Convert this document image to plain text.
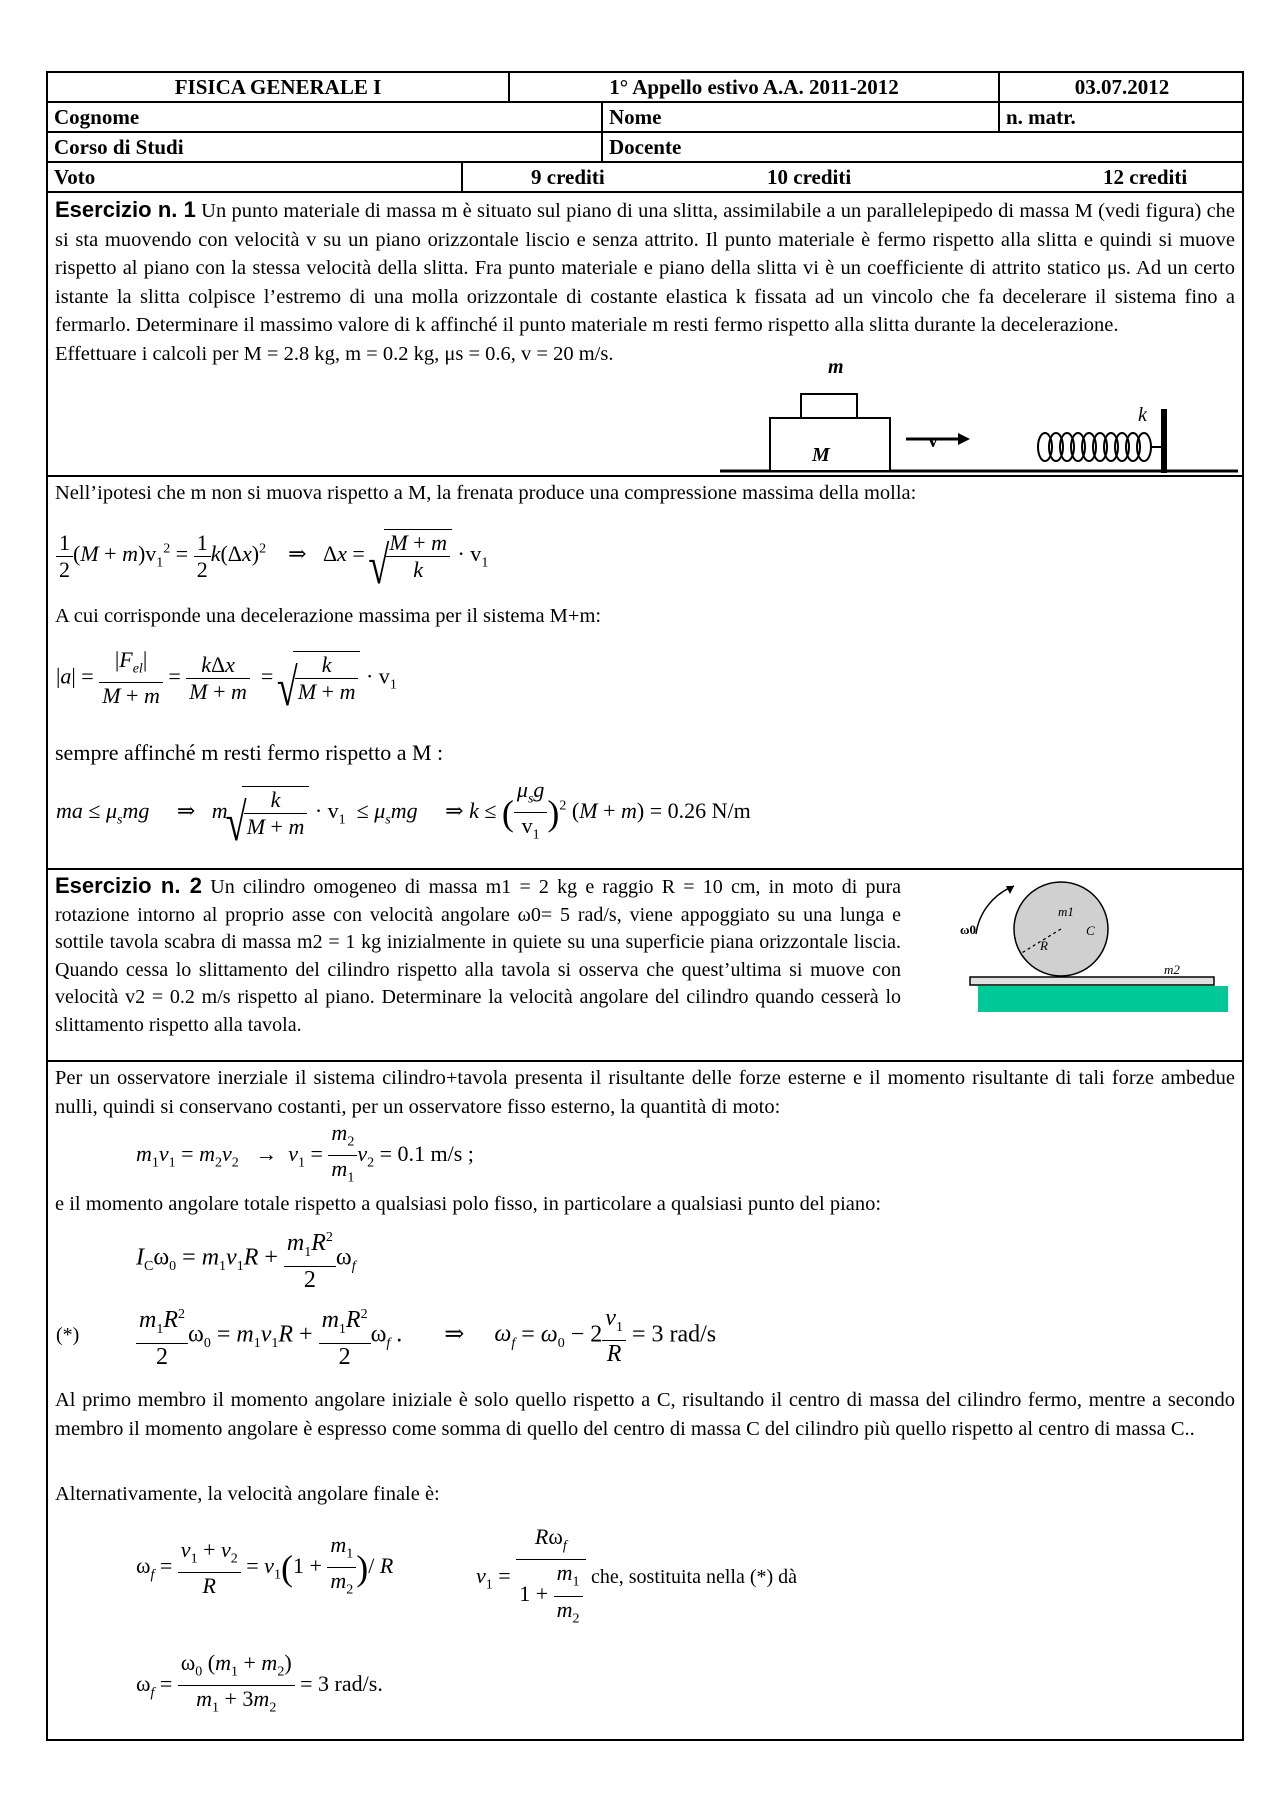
FISICA GENERALE I	1° Appello estivo A.A. 2011-2012	03.07.2012
Cognome	Nome	n. matr.
Corso di Studi	Docente
Voto	9 crediti	10 crediti	12 crediti
Esercizio n. 1 Un punto materiale di massa m è situato sul piano di una slitta, assimilabile a un parallelepipedo di massa M (vedi figura) che si sta muovendo con velocità v su un piano orizzontale liscio e senza attrito. Il punto materiale è fermo rispetto alla slitta e quindi si muove rispetto al piano con la stessa velocità della slitta. Fra punto materiale e piano della slitta vi è un coefficiente di attrito statico μs. Ad un certo istante la slitta colpisce l’estremo di una molla orizzontale di costante elastica k fissata ad un vincolo che fa decelerare il sistema fino a fermarlo. Determinare il massimo valore di k affinché il punto materiale m resti fermo rispetto alla slitta durante la decelerazione.
Effettuare i calcoli per M = 2.8 kg, m = 0.2 kg, μs = 0.6, v = 20 m/s.
m
M
v
k
Nell’ipotesi che m non si muova rispetto a M, la frenata produce una compressione massima della molla:
$\frac{1}{2} (M + m)v_1^2 = \frac{1}{2} k(\Delta x)^2$    ⇒   Δx = √ $\frac{M + m}{k} \cdot v_1$
A cui corrisponde una decelerazione massima per il sistema M+m:
$|a| = \frac{|F_{el}|}{M + m} = \frac{\text{kΔx}}{M + m}$ = √ $\frac{k}{M + m} \cdot v_1$
sempre affinché m resti fermo rispetto a M :
ma ≤ $\mu_smg$     ⇒   m √ $\frac{k}{M + m} \cdot v_1 \le \mu_smg$     ⇒ k ≤ ( $\frac{\mu_sg}{v_1} )^2$ (M + m) = 0.26 N/m
Esercizio n. 2 Un cilindro omogeneo di massa m1 = 2 kg e raggio R = 10 cm, in moto di pura rotazione intorno al proprio asse con velocità angolare ω0= 5 rad/s, viene appoggiato su una lunga e sottile tavola scabra di massa m2 = 1 kg inizialmente in quiete su una superficie piana orizzontale liscia. Quando cessa lo slittamento del cilindro rispetto alla tavola si osserva che quest’ultima si muove con velocità v2 = 0.2 m/s rispetto al piano. Determinare la velocità angolare del cilindro quando cesserà lo slittamento rispetto alla tavola.
m1
C
R
ω0
m2
Per un osservatore inerziale il sistema cilindro+tavola presenta il risultante delle forze esterne e il momento risultante di tali forze ambedue nulli, quindi si conservano costanti, per un osservatore fisso esterno, la quantità di moto:
$m_1v_1 = m_2v_2 \to v_1 = \frac{m_2}{m_1} v_2 = 0.1$ m/s ;
e il momento angolare totale rispetto a qualsiasi polo fisso, in particolare a qualsiasi punto del piano:
$I_C\omega_0 = m_1v_1R + \frac{m_1R^2}{2} \omega_f$
(*) $\frac{m_1R^2}{2} \omega_0 = m_1v_1R + \frac{m_1R^2}{2} \omega_f$ .       ⇒     $\omega_f = \omega_0 - 2 \frac{v_1}{R} = 3$ rad/s
Al primo membro il momento angolare iniziale è solo quello rispetto a C, risultando il centro di massa del cilindro fermo, mentre a secondo membro il momento angolare è espresso come somma di quello del centro di massa C del cilindro più quello rispetto al centro di massa C..
Alternativamente, la velocità angolare finale è:
$\omega_f = \frac{v_1 + v_2}{R} = v_1(1 + \frac{m_1}{m_2}$ )/ R	$v_1 = \frac{R\omega_f}{1 + \frac{m_1}{m_2}}$ che, sostituita nella (*) dà
$\omega_f = \frac{\omega_0 (m_1 + m_2)}{m_1 + 3m_2} = 3$ rad/s.
